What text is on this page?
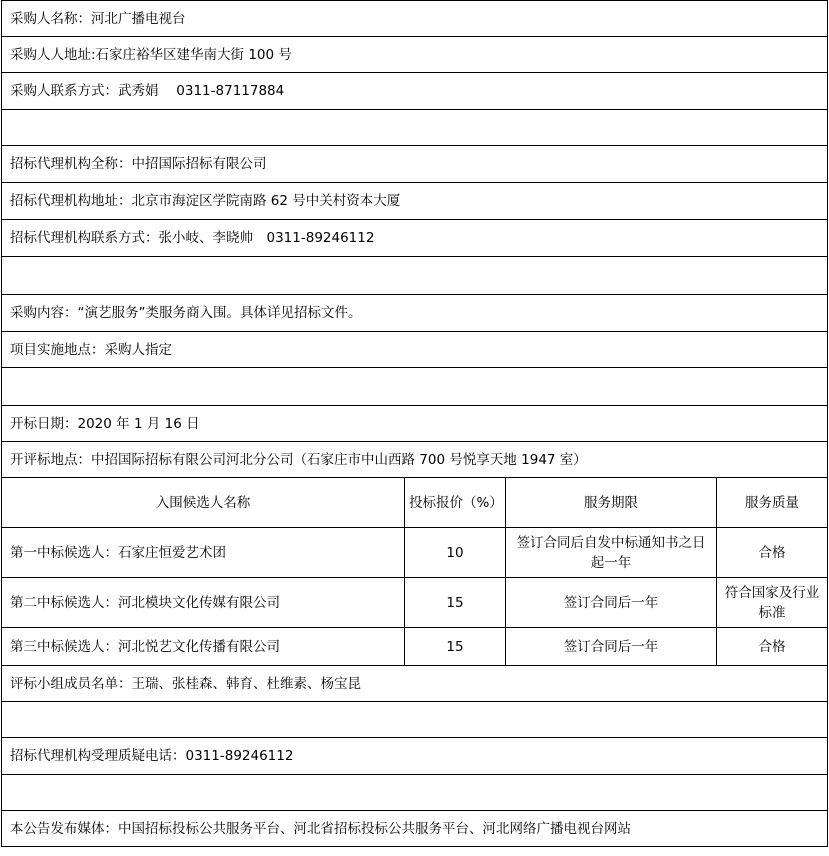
采购人名称：河北广播电视台			
采购人人地址:石家庄裕华区建华南大街 100 号			
采购人联系方式：武秀娟　 0311-87117884			

招标代理机构全称：中招国际招标有限公司			
招标代理机构地址：北京市海淀区学院南路 62 号中关村资本大厦			
招标代理机构联系方式：张小岐、李晓帅　0311-89246112			

采购内容：“演艺服务”类服务商入围。具体详见招标文件。			
项目实施地点：采购人指定			

开标日期：2020 年 1 月 16 日			
开评标地点：中招国际招标有限公司河北分公司（石家庄市中山西路 700 号悦享天地 1947 室）			
入围候选人名称	投标报价（%）	服务期限	服务质量
第一中标候选人：石家庄恒爱艺术团	10	签订合同后自发中标通知书之日起一年	合格
第二中标候选人：河北模块文化传媒有限公司	15	签订合同后一年	符合国家及行业标准
第三中标候选人：河北悦艺文化传播有限公司	15	签订合同后一年	合格
评标小组成员名单：王瑞、张桂森、韩育、杜维素、杨宝昆			

招标代理机构受理质疑电话：0311-89246112			

本公告发布媒体：中国招标投标公共服务平台、河北省招标投标公共服务平台、河北网络广播电视台网站			
